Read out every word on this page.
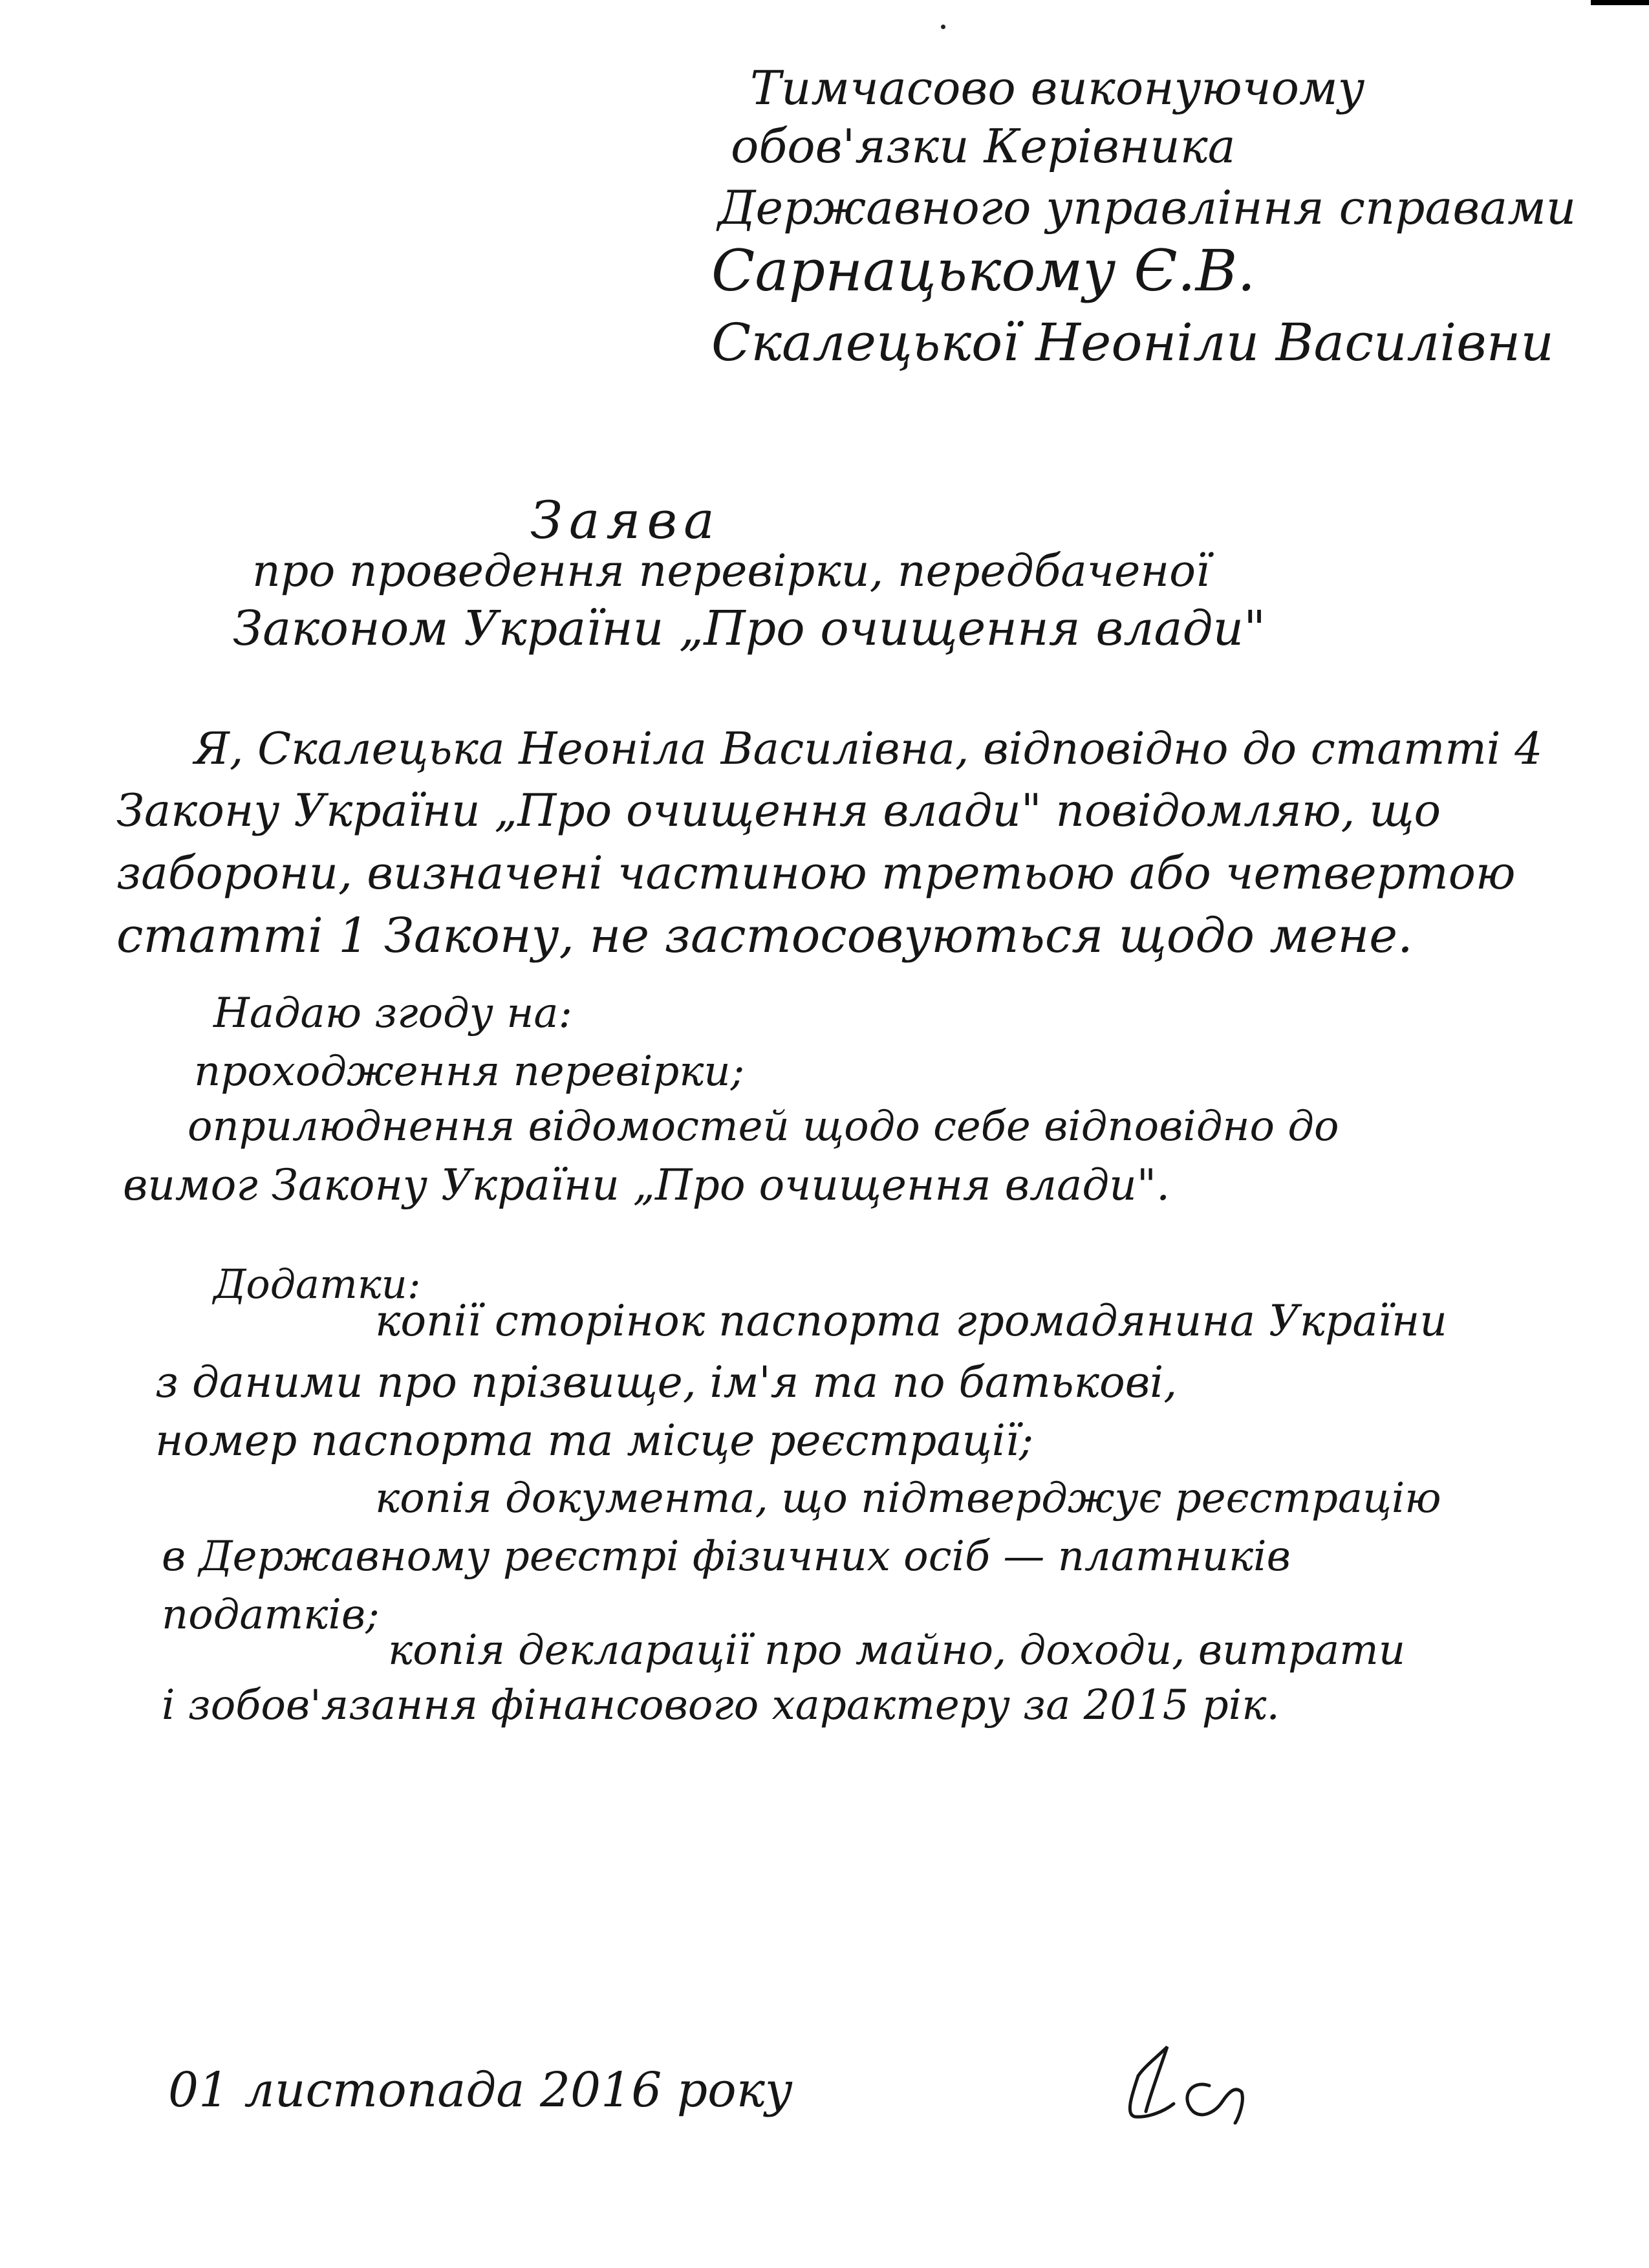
Тимчасово виконуючому
обов'язки Керівника
Державного управління справами
Сарнацькому Є.В.
Скалецької Неоніли Василівни
Заява
про проведення перевірки, передбаченої
Законом України „Про очищення влади"
Я, Скалецька Неоніла Василівна, відповідно до статті 4
Закону України „Про очищення влади" повідомляю, що
заборони, визначені частиною третьою або четвертою
статті 1 Закону, не застосовуються щодо мене.
Надаю згоду на:
проходження перевірки;
оприлюднення відомостей щодо себе відповідно до
вимог Закону України „Про очищення влади".
Додатки:
копії сторінок паспорта громадянина України
з даними про прізвище, ім'я та по батькові,
номер паспорта та місце реєстрації;
копія документа, що підтверджує реєстрацію
в Державному реєстрі фізичних осіб — платників
податків;
копія декларації про майно, доходи, витрати
і зобов'язання фінансового характеру за 2015 рік.
01 листопада 2016 року
